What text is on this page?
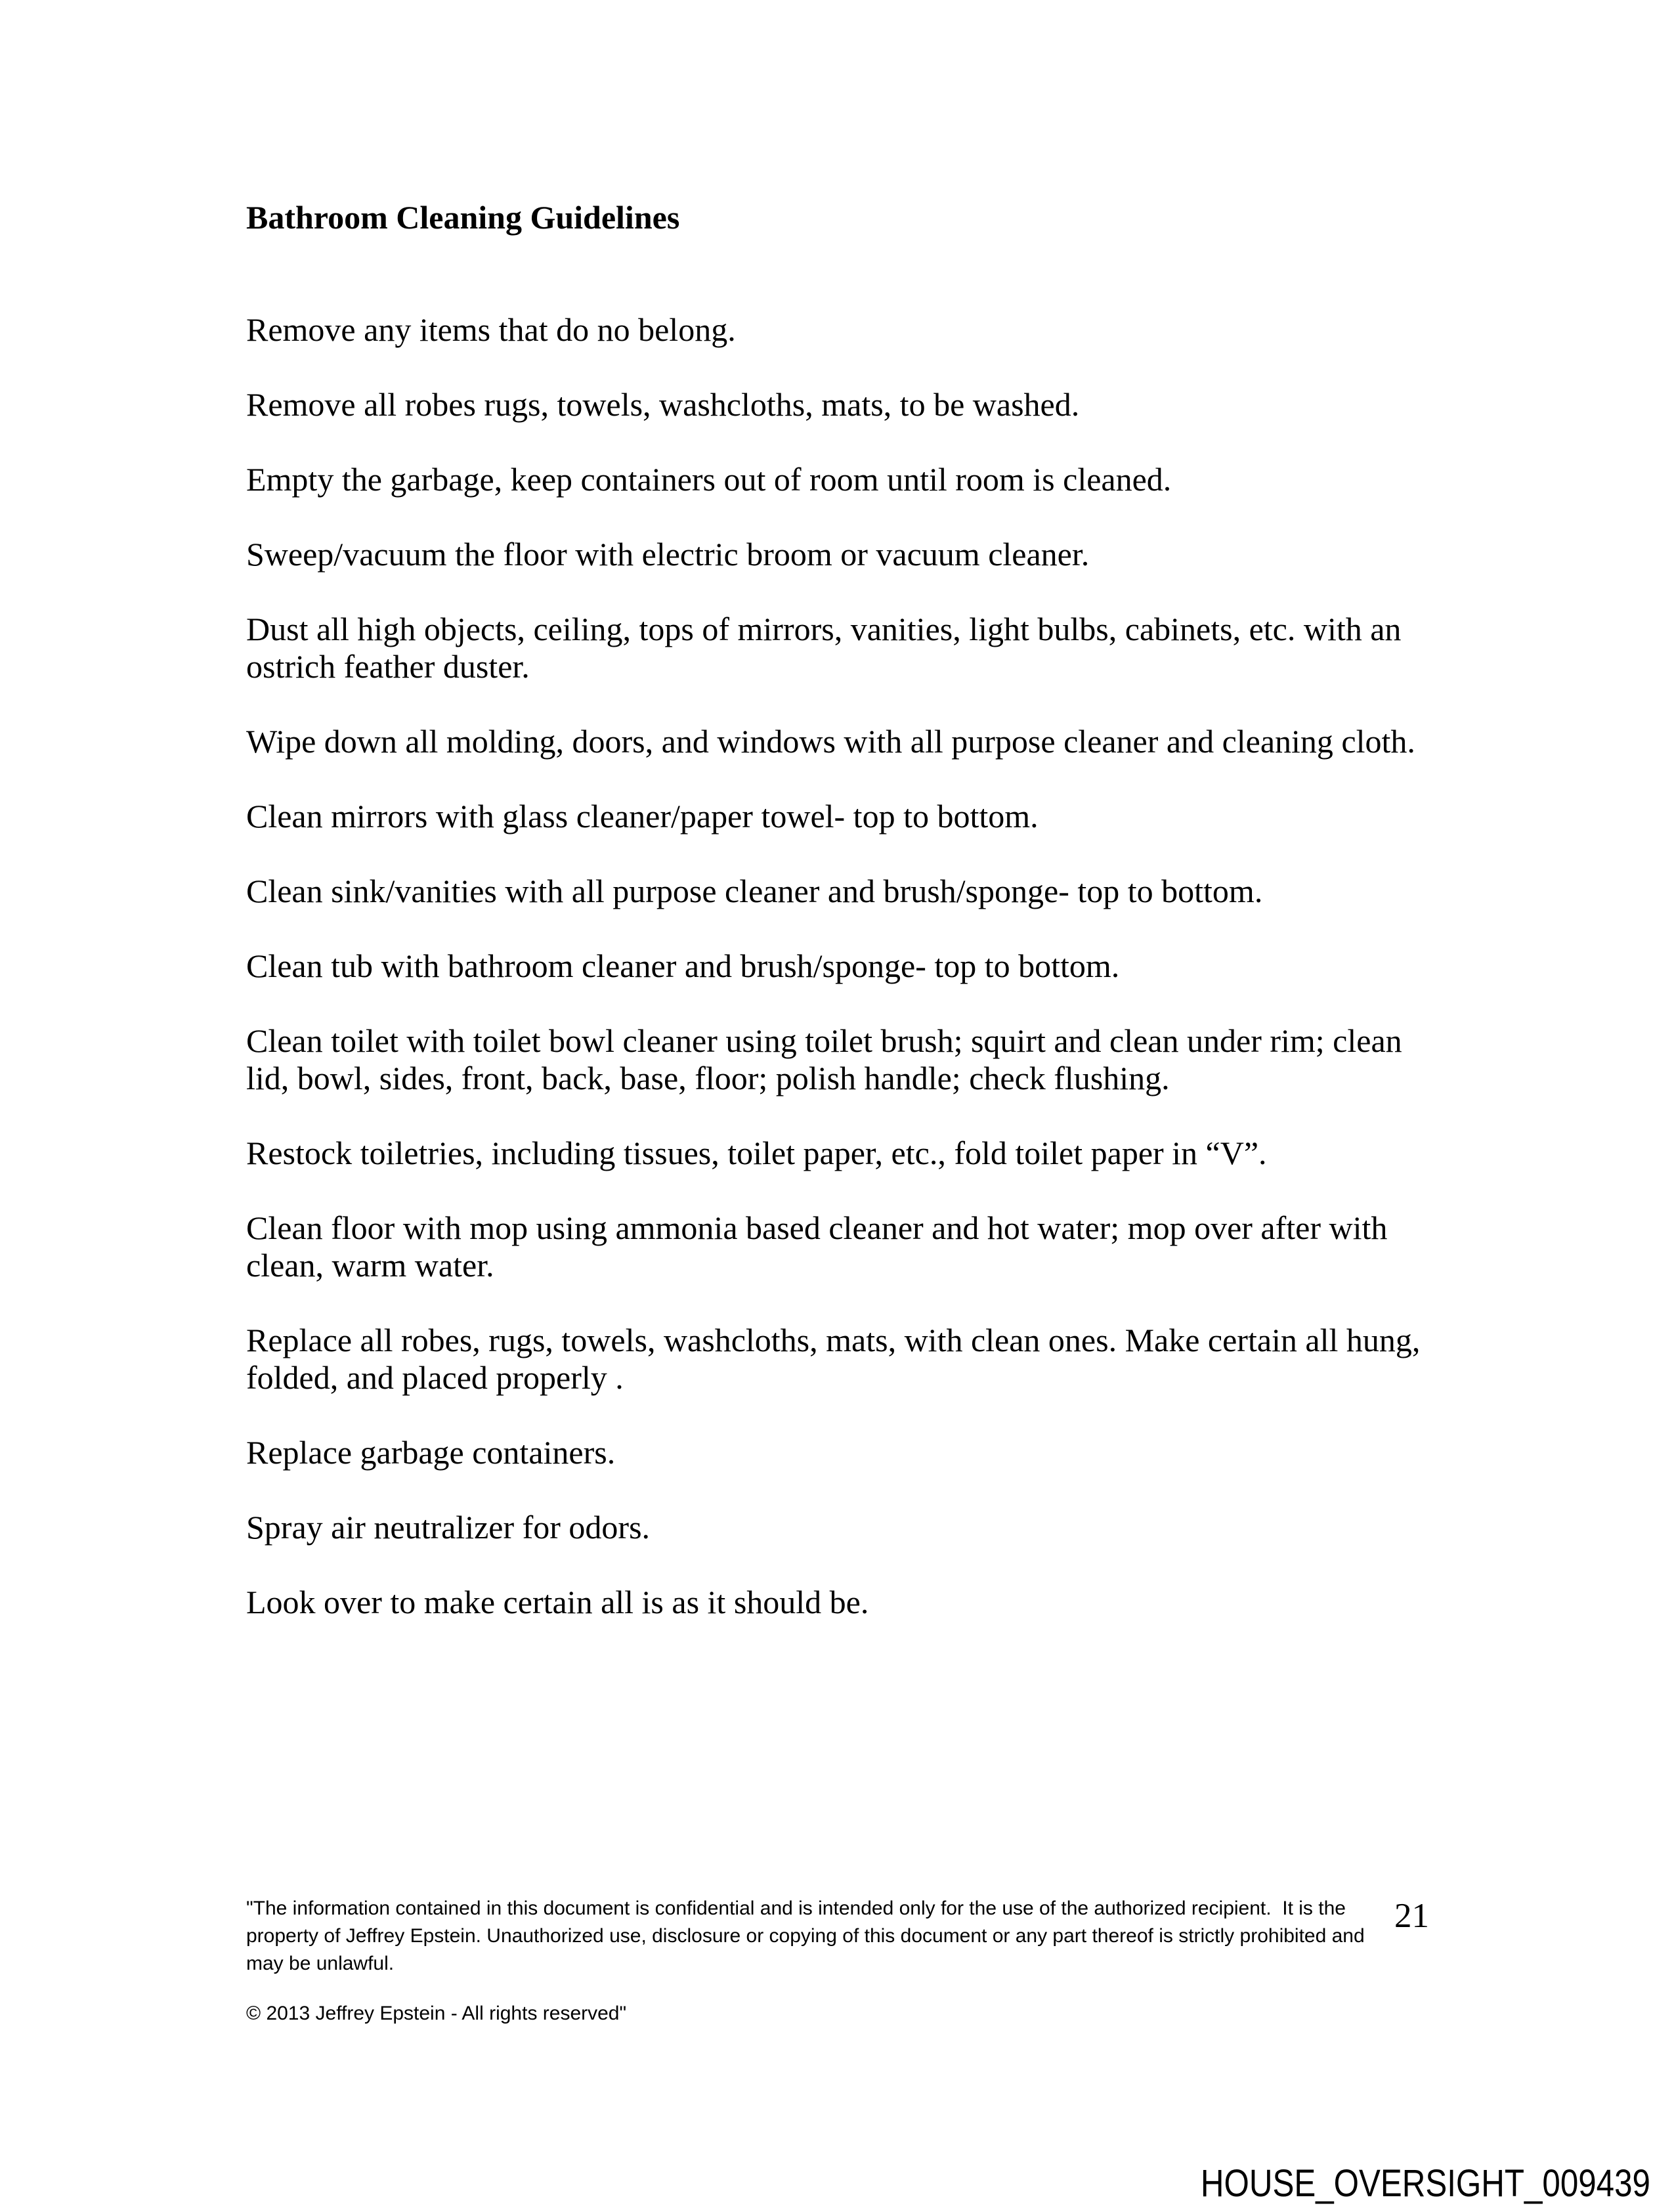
Bathroom Cleaning Guidelines

Remove any items that do no belong.

Remove all robes rugs, towels, washcloths, mats, to be washed.

Empty the garbage, keep containers out of room until room is cleaned.

Sweep/vacuum the floor with electric broom or vacuum cleaner.

Dust all high objects, ceiling, tops of mirrors, vanities, light bulbs, cabinets, etc. with an ostrich feather duster.

Wipe down all molding, doors, and windows with all purpose cleaner and cleaning cloth.

Clean mirrors with glass cleaner/paper towel- top to bottom.

Clean sink/vanities with all purpose cleaner and brush/sponge- top to bottom.

Clean tub with bathroom cleaner and brush/sponge- top to bottom.

Clean toilet with toilet bowl cleaner using toilet brush; squirt and clean under rim; clean lid, bowl, sides, front, back, base, floor; polish handle; check flushing.

Restock toiletries, including tissues, toilet paper, etc., fold toilet paper in “V”.

Clean floor with mop using ammonia based cleaner and hot water; mop over after with clean, warm water.

Replace all robes, rugs, towels, washcloths, mats, with clean ones. Make certain all hung, folded, and placed properly .

Replace garbage containers.

Spray air neutralizer for odors.

Look over to make certain all is as it should be.

"The information contained in this document is confidential and is intended only for the use of the authorized recipient.  It is the
property of Jeffrey Epstein. Unauthorized use, disclosure or copying of this document or any part thereof is strictly prohibited and
may be unlawful.
© 2013 Jeffrey Epstein - All rights reserved"
21
HOUSE_OVERSIGHT_009439
